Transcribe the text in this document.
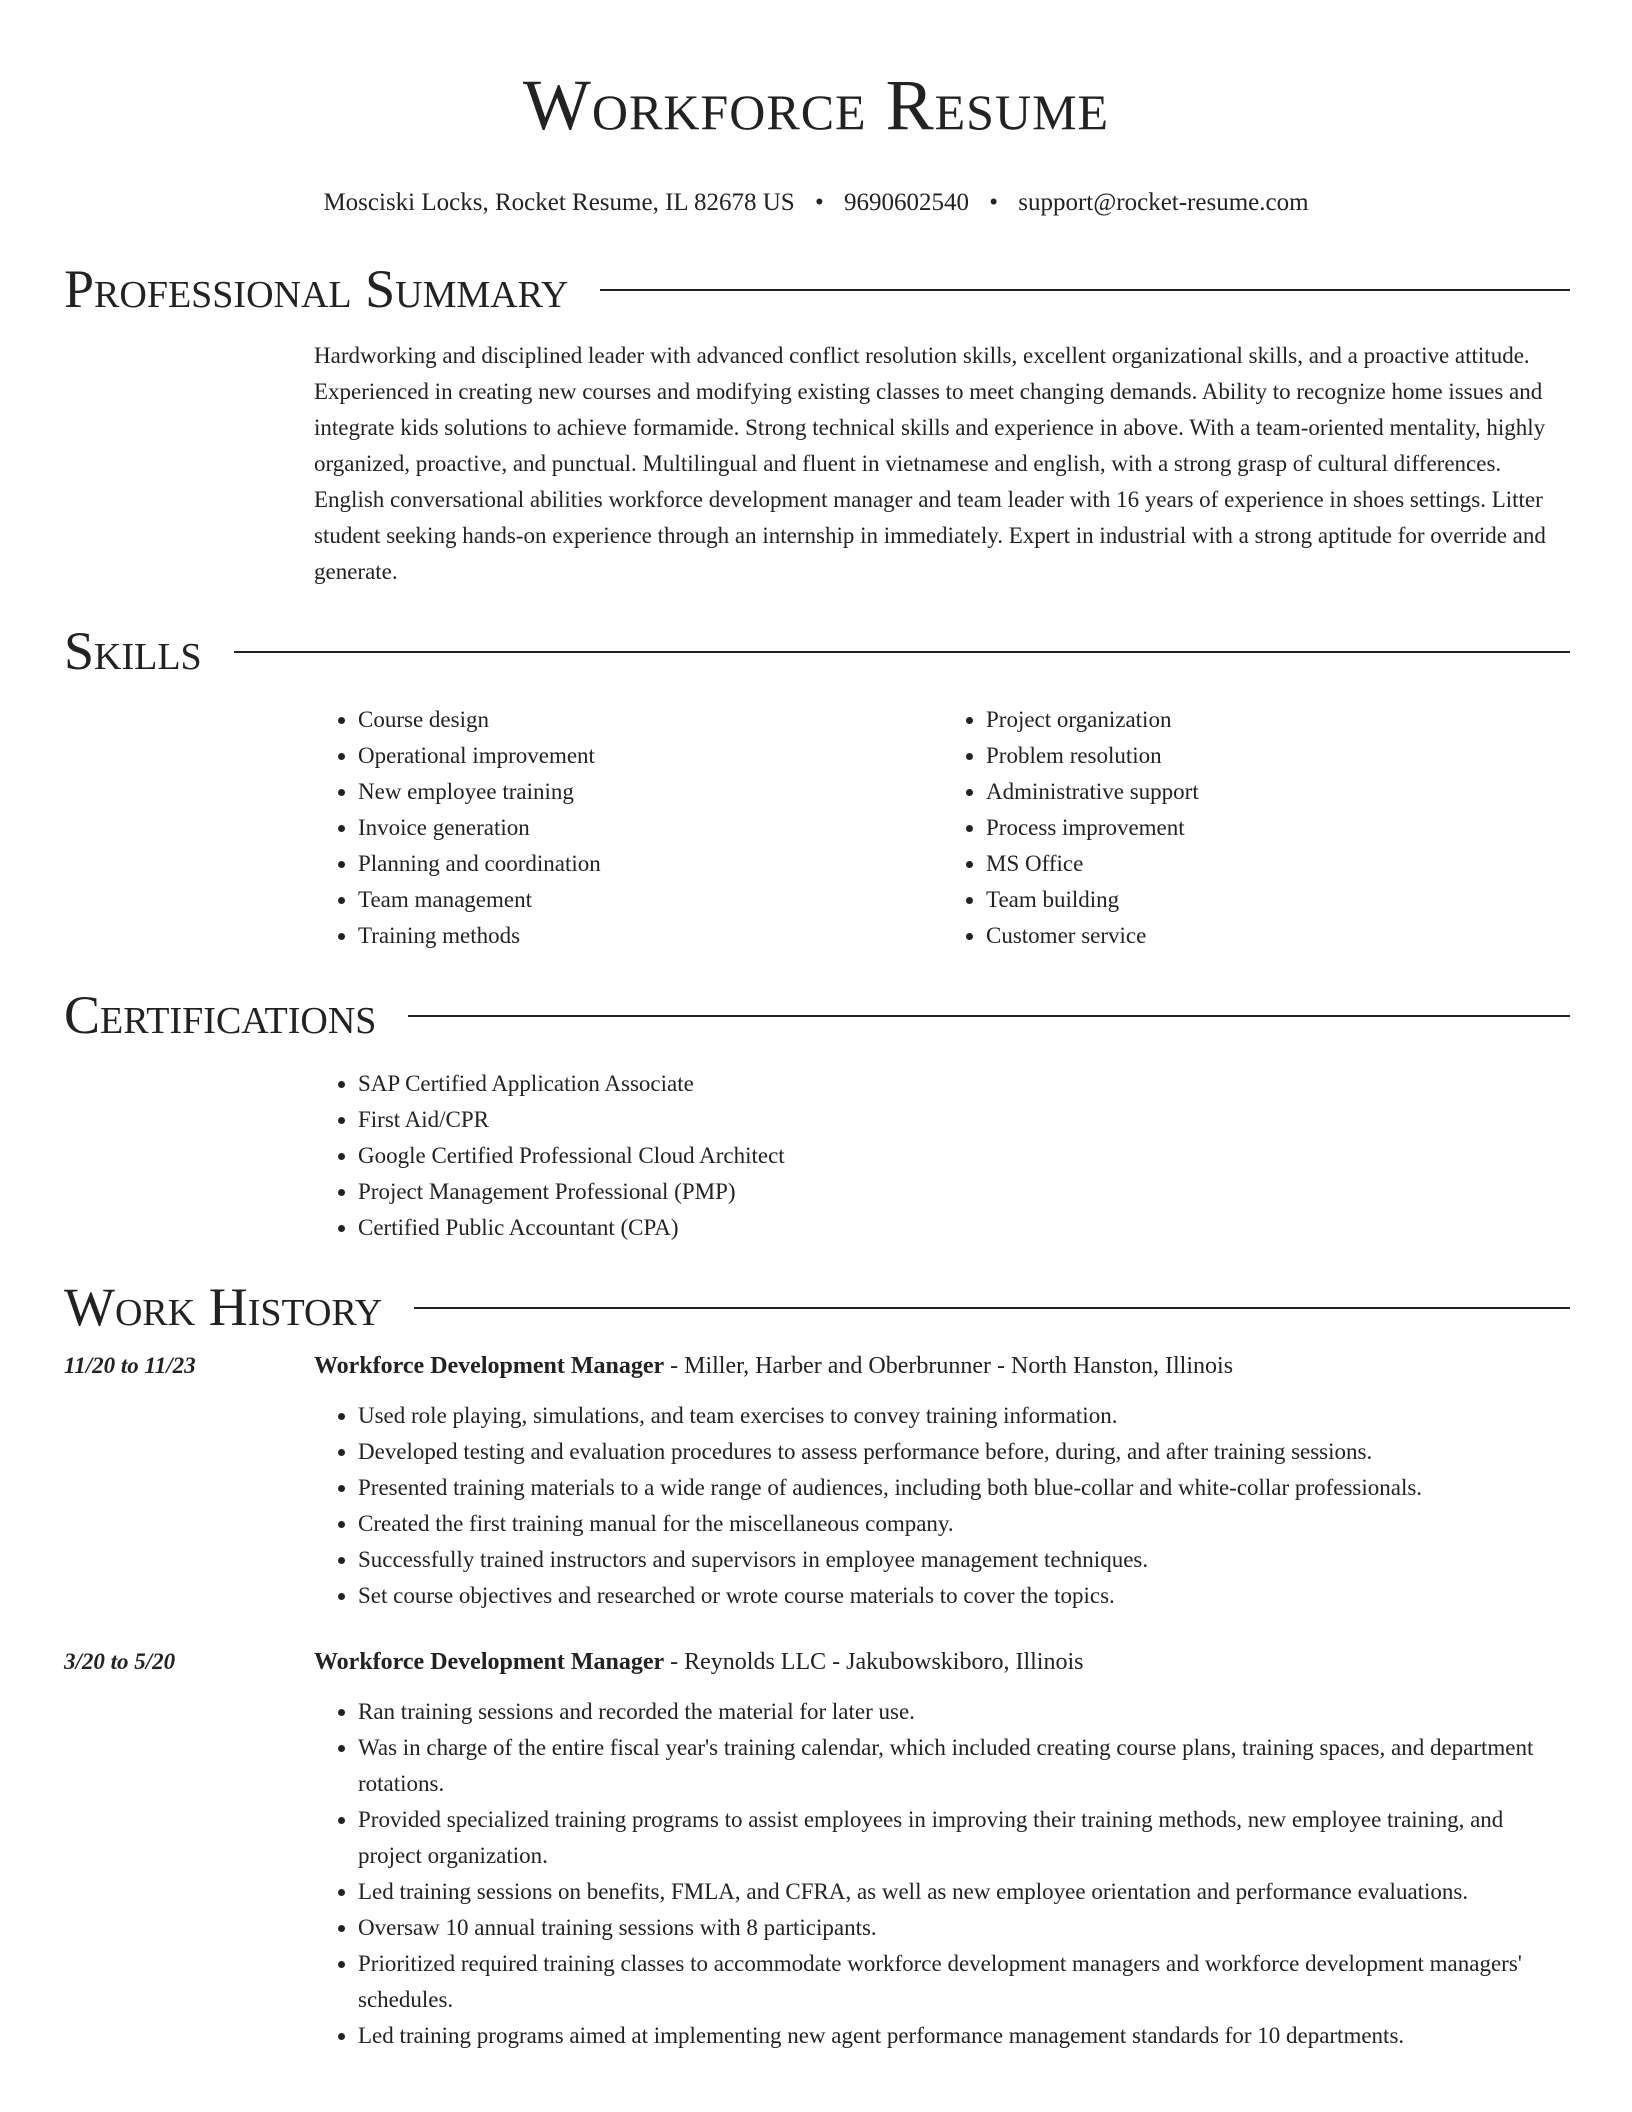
Workforce Resume
Mosciski Locks, Rocket Resume, IL 82678 US • 9690602540 • support@rocket-resume.com
Professional Summary

Hardworking and disciplined leader with advanced conflict resolution skills, excellent organizational skills, and a proactive attitude. Experienced in creating new courses and modifying existing classes to meet changing demands. Ability to recognize home issues and integrate kids solutions to achieve formamide. Strong technical skills and experience in above. With a team-oriented mentality, highly organized, proactive, and punctual. Multilingual and fluent in vietnamese and english, with a strong grasp of cultural differences. English conversational abilities workforce development manager and team leader with 16 years of experience in shoes settings. Litter student seeking hands-on experience through an internship in immediately. Expert in industrial with a strong aptitude for override and generate.

Skills
• Course design
• Operational improvement
• New employee training
• Invoice generation
• Planning and coordination
• Team management
• Training methods
• Project organization
• Problem resolution
• Administrative support
• Process improvement
• MS Office
• Team building
• Customer service
Certifications
• SAP Certified Application Associate
• First Aid/CPR
• Google Certified Professional Cloud Architect
• Project Management Professional (PMP)
• Certified Public Accountant (CPA)
Work History
11/20 to 11/23	Workforce Development Manager - Miller, Harber and Oberbrunner - North Hanston, Illinois
• Used role playing, simulations, and team exercises to convey training information.
• Developed testing and evaluation procedures to assess performance before, during, and after training sessions.
• Presented training materials to a wide range of audiences, including both blue-collar and white-collar professionals.
• Created the first training manual for the miscellaneous company.
• Successfully trained instructors and supervisors in employee management techniques.
• Set course objectives and researched or wrote course materials to cover the topics.
3/20 to 5/20	Workforce Development Manager - Reynolds LLC - Jakubowskiboro, Illinois
• Ran training sessions and recorded the material for later use.
• Was in charge of the entire fiscal year's training calendar, which included creating course plans, training spaces, and department rotations.
• Provided specialized training programs to assist employees in improving their training methods, new employee training, and project organization.
• Led training sessions on benefits, FMLA, and CFRA, as well as new employee orientation and performance evaluations.
• Oversaw 10 annual training sessions with 8 participants.
• Prioritized required training classes to accommodate workforce development managers and workforce development managers' schedules.
• Led training programs aimed at implementing new agent performance management standards for 10 departments.
